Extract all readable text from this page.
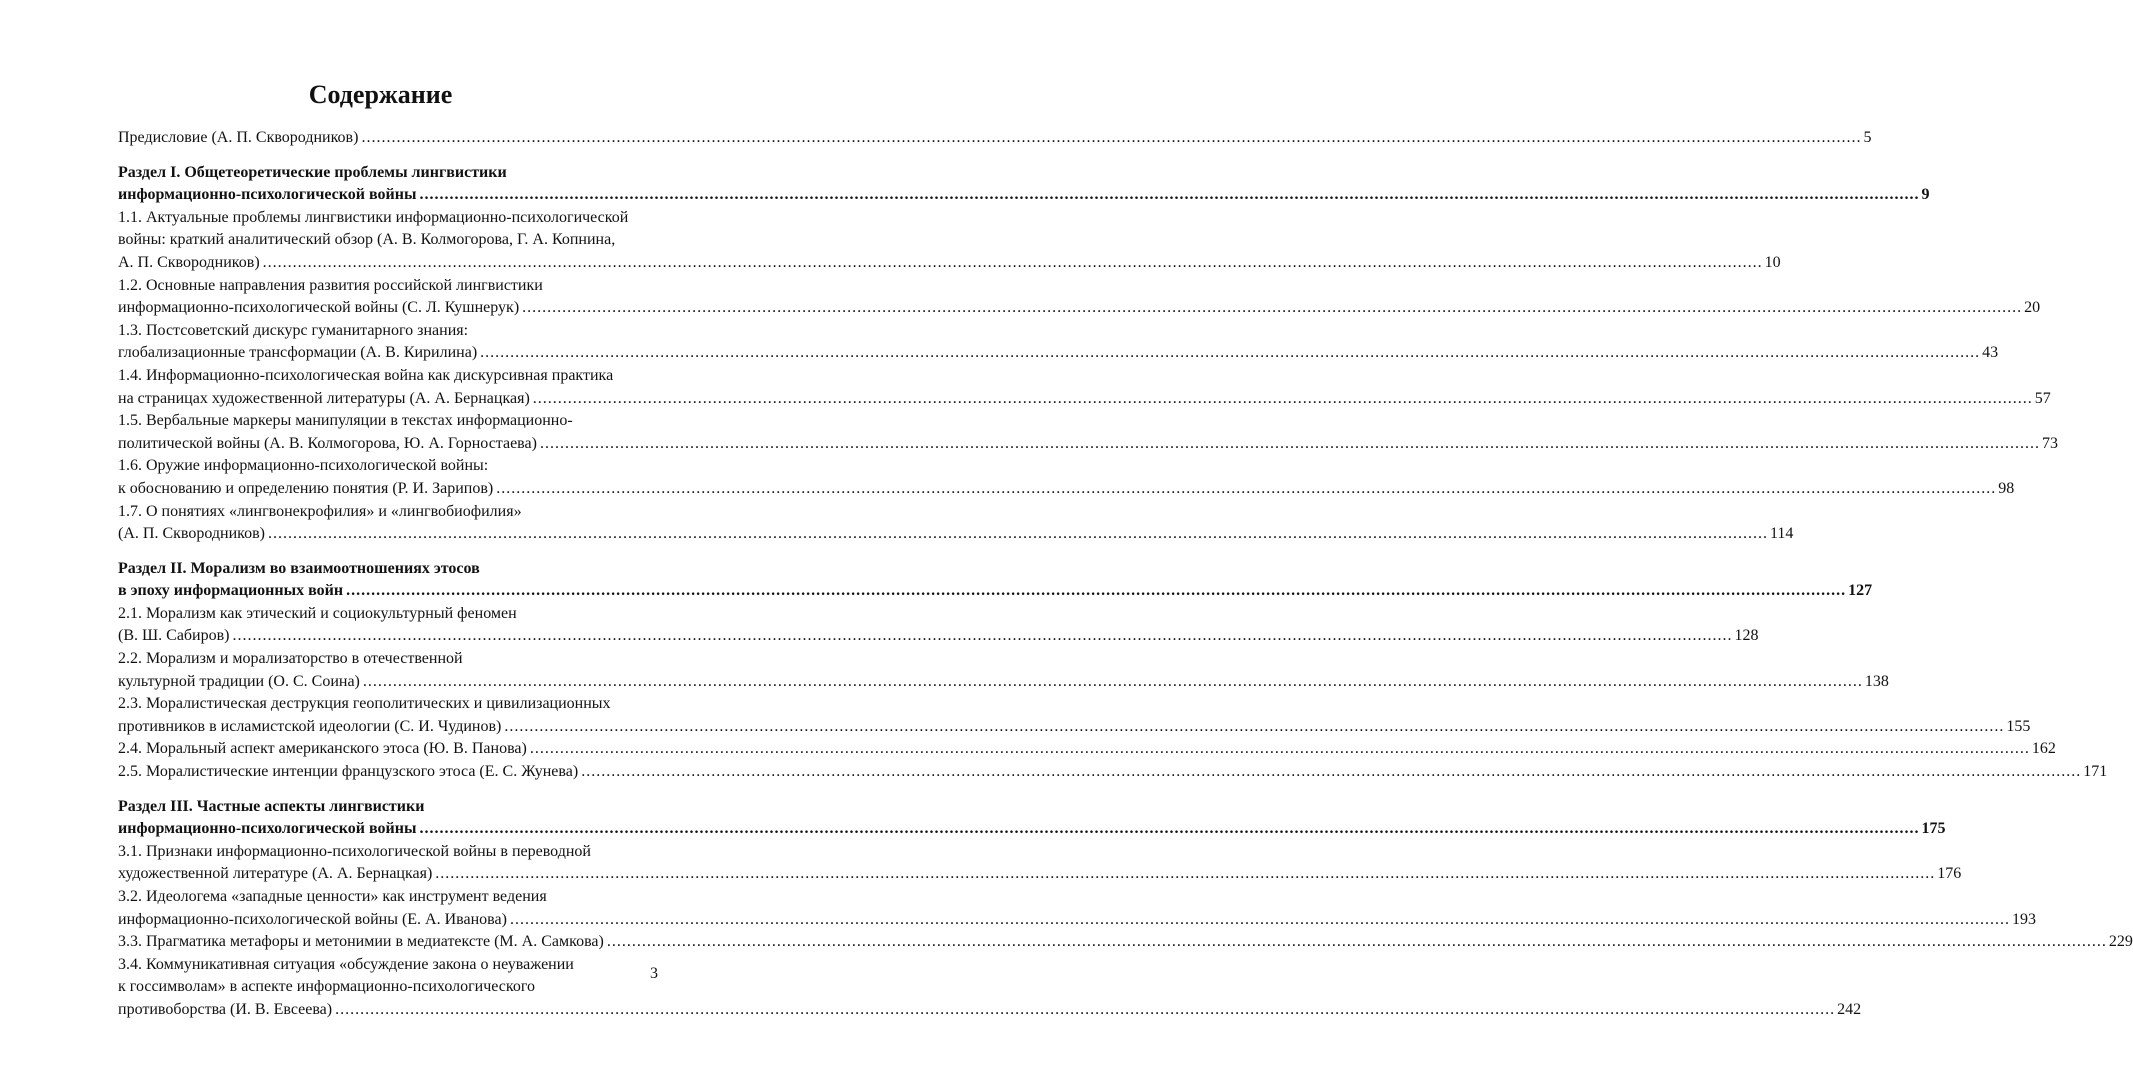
Содержание
Предисловие (А. П. Сквородников) ............................................................................................................................................................................................................................................................................................................ 5
Раздел I. Общетеоретические проблемы лингвистики
информационно-психологической войны ............................................................................................................................................................................................................................................................................................................ 9
1.1. Актуальные проблемы лингвистики информационно-психологической
войны: краткий аналитический обзор (А. В. Колмогорова, Г. А. Копнина,
А. П. Сквородников) ............................................................................................................................................................................................................................................................................................................ 10
1.2. Основные направления развития российской лингвистики
информационно-психологической войны (С. Л. Кушнерук) ............................................................................................................................................................................................................................................................................................................ 20
1.3. Постсоветский дискурс гуманитарного знания:
глобализационные трансформации (А. В. Кирилина) ............................................................................................................................................................................................................................................................................................................ 43
1.4. Информационно-психологическая война как дискурсивная практика
на страницах художественной литературы (А. А. Бернацкая) ............................................................................................................................................................................................................................................................................................................ 57
1.5. Вербальные маркеры манипуляции в текстах информационно-
политической войны (А. В. Колмогорова, Ю. А. Горностаева) ............................................................................................................................................................................................................................................................................................................ 73
1.6. Оружие информационно-психологической войны:
к обоснованию и определению понятия (Р. И. Зарипов) ............................................................................................................................................................................................................................................................................................................ 98
1.7. О понятиях «лингвонекрофилия» и «лингвобиофилия»
(А. П. Сквородников) ............................................................................................................................................................................................................................................................................................................ 114
Раздел II. Морализм во взаимоотношениях этосов
в эпоху информационных войн ............................................................................................................................................................................................................................................................................................................ 127
2.1. Морализм как этический и социокультурный феномен
(В. Ш. Сабиров) ............................................................................................................................................................................................................................................................................................................ 128
2.2. Морализм и морализаторство в отечественной
культурной традиции (О. С. Соина) ............................................................................................................................................................................................................................................................................................................ 138
2.3. Моралистическая деструкция геополитических и цивилизационных
противников в исламистской идеологии (С. И. Чудинов) ............................................................................................................................................................................................................................................................................................................ 155
2.4. Моральный аспект американского этоса (Ю. В. Панова) ............................................................................................................................................................................................................................................................................................................ 162
2.5. Моралистические интенции французского этоса (Е. С. Жунева) ............................................................................................................................................................................................................................................................................................................ 171
Раздел III. Частные аспекты лингвистики
информационно-психологической войны ............................................................................................................................................................................................................................................................................................................ 175
3.1. Признаки информационно-психологической войны в переводной
художественной литературе (А. А. Бернацкая) ............................................................................................................................................................................................................................................................................................................ 176
3.2. Идеологема «западные ценности» как инструмент ведения
информационно-психологической войны (Е. А. Иванова) ............................................................................................................................................................................................................................................................................................................ 193
3.3. Прагматика метафоры и метонимии в медиатексте (М. А. Самкова) ............................................................................................................................................................................................................................................................................................................ 229
3.4. Коммуникативная ситуация «обсуждение закона о неуважении
к госсимволам» в аспекте информационно-психологического
противоборства (И. В. Евсеева) ............................................................................................................................................................................................................................................................................................................ 242
3
